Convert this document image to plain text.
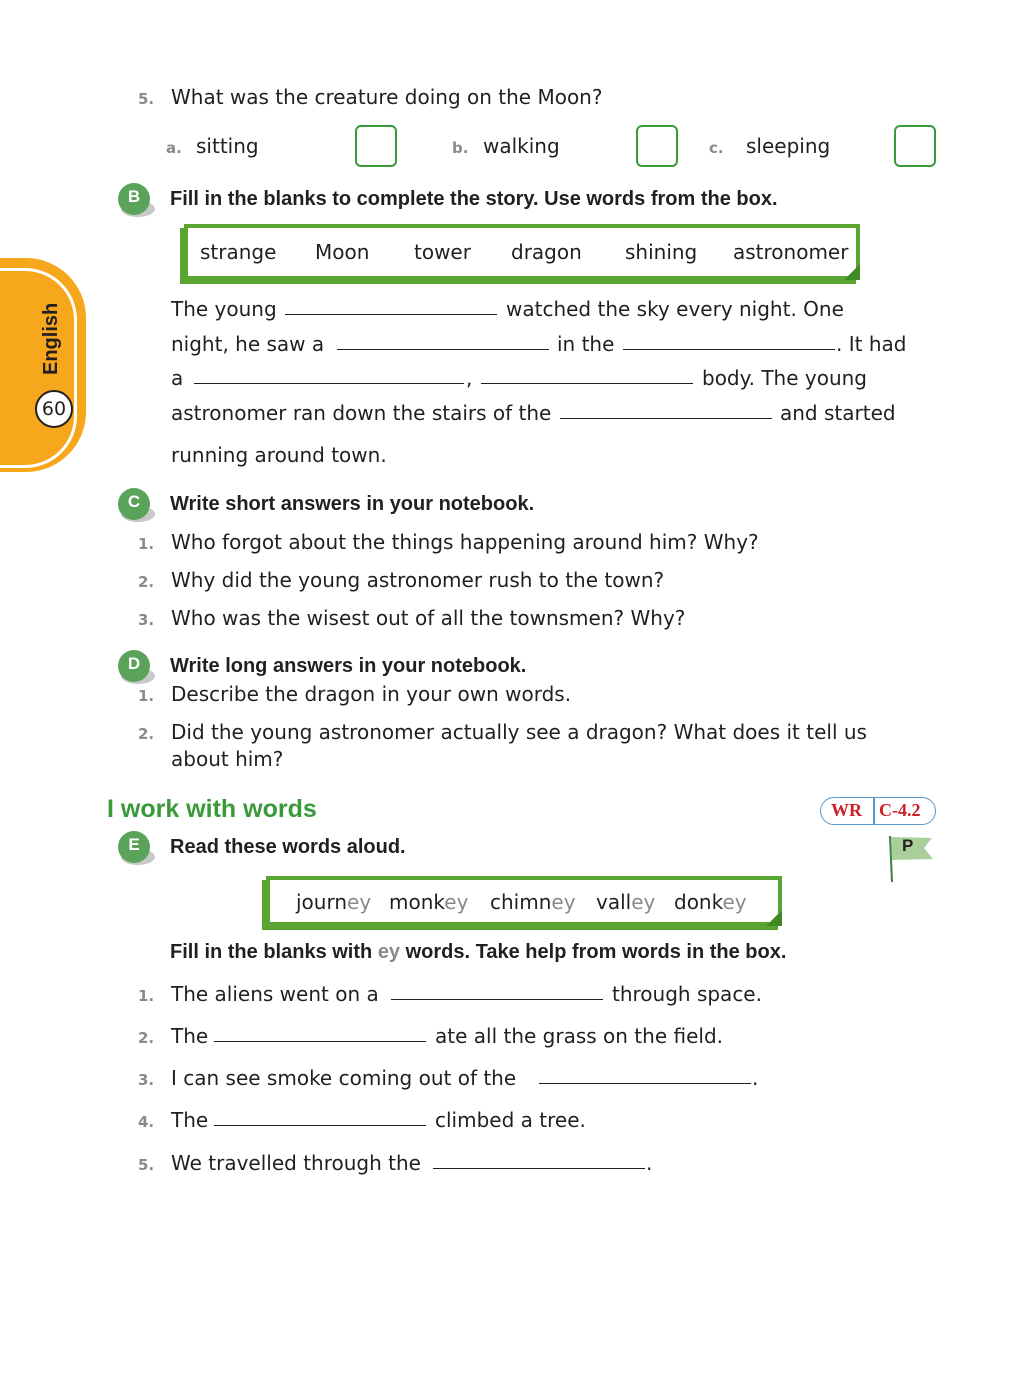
English
60
5. What was the creature doing on the Moon?
a. sitting	b. walking	c. sleeping
B	Fill in the blanks to complete the story. Use words from the box.
strange Moon tower dragon shining astronomer
The young	watched the sky every night. One
night, he saw a	in the	. It had
a	,	body. The young
astronomer ran down the stairs of the	and started
running around town.
C	Write short answers in your notebook.
1. Who forgot about the things happening around him? Why?
2. Why did the young astronomer rush to the town?
3. Who was the wisest out of all the townsmen? Why?
D	Write long answers in your notebook.
1. Describe the dragon in your own words.
2. Did the young astronomer actually see a dragon? What does it tell us
about him?
I work with words	WR C-4.2
P
E	Read these words aloud.
journey monkey chimney valley donkey
Fill in the blanks with ey words. Take help from words in the box.
1. The aliens went on a	through space.
2. The	ate all the grass on the field.
3. I can see smoke coming out of the	.
4. The	climbed a tree.
5. We travelled through the	.
